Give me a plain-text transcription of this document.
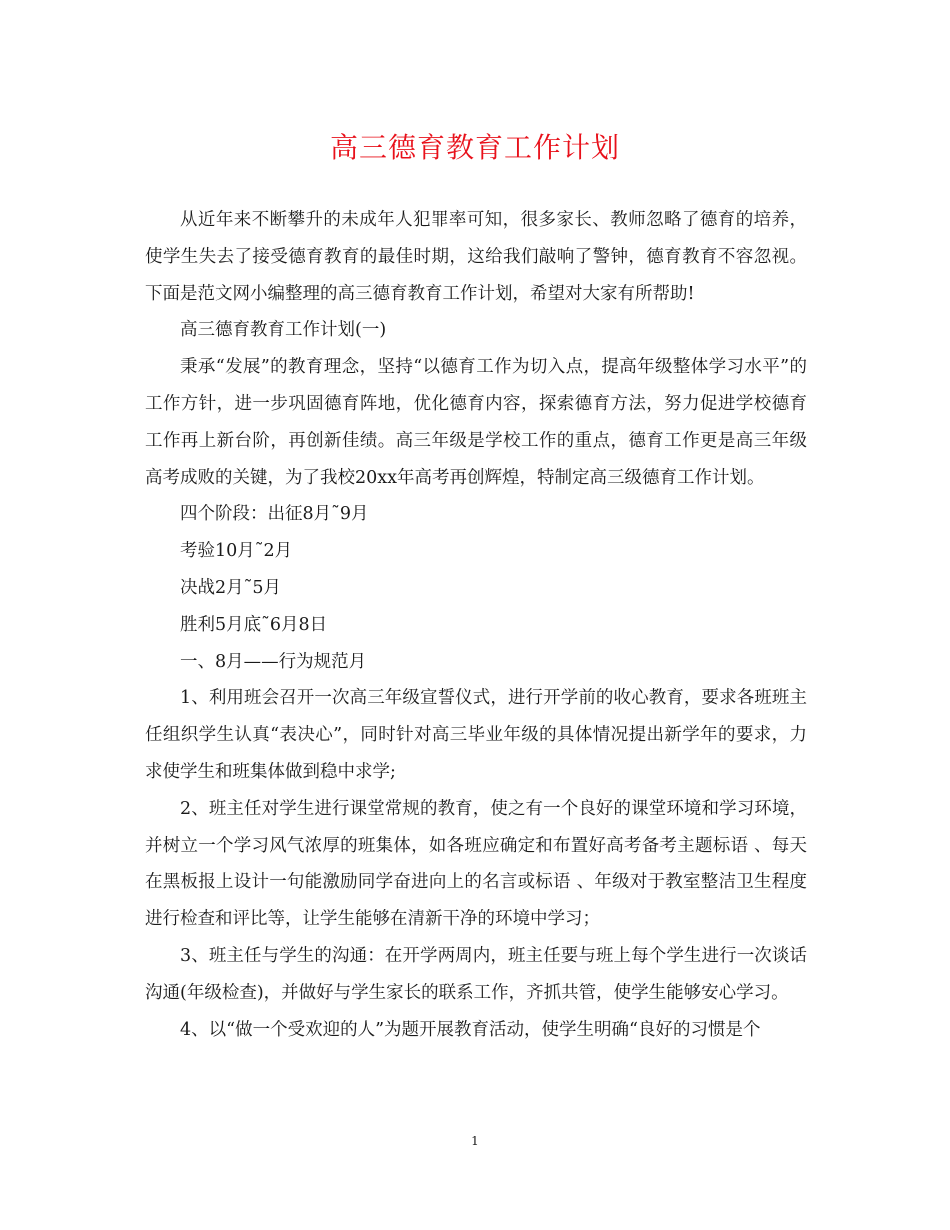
高三德育教育工作计划

从近年来不断攀升的未成年人犯罪率可知，很多家长、教师忽略了德育的培养，使学生失去了接受德育教育的最佳时期，这给我们敲响了警钟，德育教育不容忽视。下面是范文网小编整理的高三德育教育工作计划，希望对大家有所帮助!

高三德育教育工作计划(一)

秉承“发展”的教育理念，坚持“以德育工作为切入点，提高年级整体学习水平”的工作方针，进一步巩固德育阵地，优化德育内容，探索德育方法，努力促进学校德育工作再上新台阶，再创新佳绩。高三年级是学校工作的重点，德育工作更是高三年级高考成败的关键，为了我校20xx年高考再创辉煌，特制定高三级德育工作计划。

四个阶段：出征8月˜9月

考验10月˜2月

决战2月˜5月

胜利5月底˜6月8日

一、8月——行为规范月

1、利用班会召开一次高三年级宣誓仪式，进行开学前的收心教育，要求各班班主任组织学生认真“表决心”，同时针对高三毕业年级的具体情况提出新学年的要求，力求使学生和班集体做到稳中求学;

2、班主任对学生进行课堂常规的教育，使之有一个良好的课堂环境和学习环境，并树立一个学习风气浓厚的班集体，如各班应确定和布置好高考备考主题标语 、每天在黑板报上设计一句能激励同学奋进向上的名言或标语 、年级对于教室整洁卫生程度进行检查和评比等，让学生能够在清新干净的环境中学习；

3、班主任与学生的沟通：在开学两周内，班主任要与班上每个学生进行一次谈话沟通(年级检查)，并做好与学生家长的联系工作，齐抓共管，使学生能够安心学习。

4、以“做一个受欢迎的人”为题开展教育活动，使学生明确“良好的习惯是个

1
